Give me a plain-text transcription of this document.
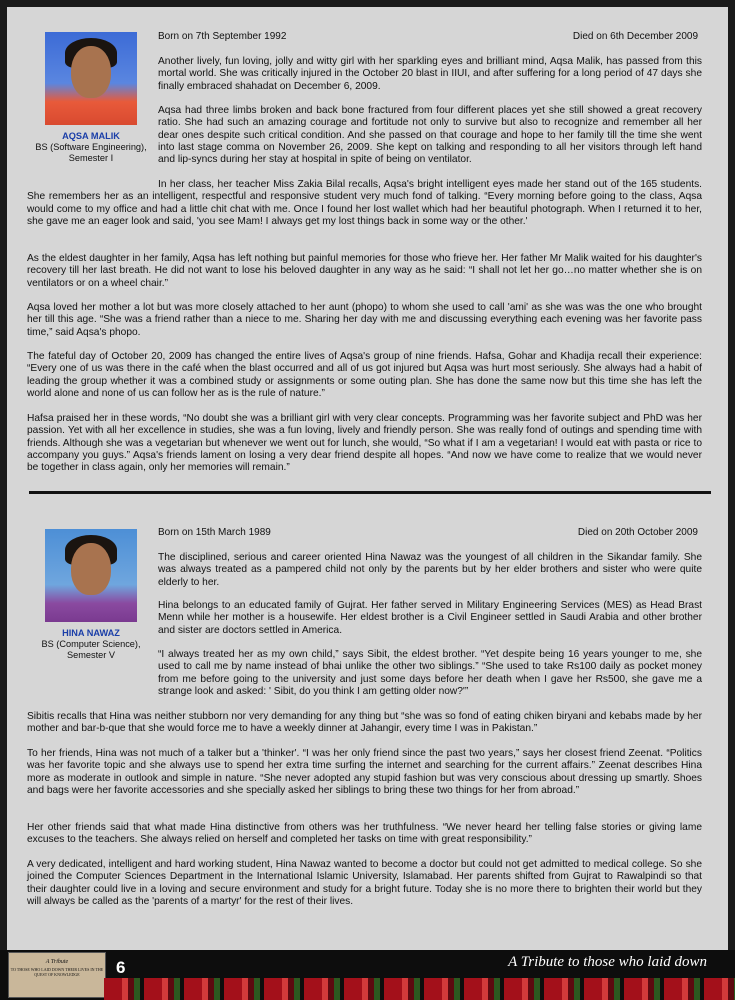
AQSA MALIK
BS (Software Engineering),
Semester I
Born on 7th September 1992	Died on 6th December 2009

Another lively, fun loving, jolly and witty girl with her sparkling eyes and brilliant mind, Aqsa Malik, has passed from this mortal world. She was critically injured in the October 20 blast in IIUI, and after suffering for a long period of 47 days she finally embraced shahadat on December 6, 2009.

Aqsa had three limbs broken and back bone fractured from four different places yet she still showed a great recovery ratio. She had such an amazing courage and fortitude not only to survive but also to recognize and remember all her dear ones despite such critical condition. And she passed on that courage and hope to her family till the time she went into last stage comma on November 26, 2009. She kept on talking and responding to all her visitors through left hand and lip-syncs during her stay at hospital in spite of being on ventilator.

In her class, her teacher Miss Zakia Bilal recalls, Aqsa's bright intelligent eyes made her stand out of the 165 students. She remembers her as an intelligent, respectful and responsive student very much fond of talking. “Every morning before going to the class, Aqsa would come to my office and had a little chit chat with me. Once I found her lost wallet which had her beautiful photograph. When I returned it to her, she gave me an eager look and said, 'you see Mam! I always get my lost things back in some way or the other.'

As the eldest daughter in her family, Aqsa has left nothing but painful memories for those who frieve her. Her father Mr Malik waited for his daughter's recovery till her last breath. He did not want to lose his beloved daughter in any way as he said: “I shall not let her go…no matter whether she is on ventilators or on a wheel chair.”

Aqsa loved her mother a lot but was more closely attached to her aunt (phopo) to whom she used to call 'ami' as she was was the one who brought her till this age. “She was a friend rather than a niece to me. Sharing her day with me and discussing everything each evening was her favorite pass time,” said Aqsa's phopo.

The fateful day of October 20, 2009 has changed the entire lives of Aqsa's group of nine friends. Hafsa, Gohar and Khadija recall their experience: “Every one of us was there in the café when the blast occurred and all of us got injured but Aqsa was hurt most seriously. She always had a habit of leading the group whether it was a combined study or assignments or some outing plan. She has done the same now but this time she has left the world alone and none of us can follow her as is the rule of nature.”

Hafsa praised her in these words, “No doubt she was a brilliant girl with very clear concepts. Programming was her favorite subject and PhD was her passion. Yet with all her excellence in studies, she was a fun loving, lively and friendly person. She was really fond of outings and spending time with friends. Although she was a vegetarian but whenever we went out for lunch, she would, “So what if I am a vegetarian! I would eat with pasta or rice to accompany you guys.” Aqsa's friends lament on losing a very dear friend despite all hopes. “And now we have come to realize that we would never be together in class again, only her memories will remain.”

HINA NAWAZ
BS (Computer Science),
Semester V
Born on 15th March 1989	Died on 20th October 2009

The disciplined, serious and career oriented Hina Nawaz was the youngest of all children in the Sikandar family. She was always treated as a pampered child not only by the parents but by her elder brothers and sister who were quite elderly to her.

Hina belongs to an educated family of Gujrat. Her father served in Military Engineering Services (MES) as Head Brast Menn while her mother is a housewife. Her eldest brother is a Civil Engineer settled in Saudi Arabia and other brother and sister are doctors settled in America.

“I always treated her as my own child,” says Sibit, the eldest brother. “Yet despite being 16 years younger to me, she used to call me by name instead of bhai unlike the other two siblings.” “She used to take Rs100 daily as pocket money from me before going to the university and just some days before her death when I gave her Rs500, she gave me a strange look and asked: ' Sibit, do you think I am getting older now?'”

Sibitis recalls that Hina was neither stubborn nor very demanding for any thing but “she was so fond of eating chiken biryani and kebabs made by her mother and bar-b-que that she would force me to have a weekly dinner at Jahangir, every time I was in Pakistan.”

To her friends, Hina was not much of a talker but a 'thinker'. “I was her only friend since the past two years,” says her closest friend Zeenat. “Politics was her favorite topic and she always use to spend her extra time surfing the internet and searching for the current affairs.” Zeenat describes Hina more as moderate in outlook and simple in nature. “She never adopted any stupid fashion but was very conscious about dressing up smartly. Shoes and bags were her favorite accessories and she specially asked her siblings to bring these two things for her from abroad.”

Her other friends said that what made Hina distinctive from others was her truthfulness. “We never heard her telling false stories or giving lame excuses to the teachers. She always relied on herself and completed her tasks on time with great responsibility.”

A very dedicated, intelligent and hard working student, Hina Nawaz wanted to become a doctor but could not get admitted to medical college. So she joined the Computer Sciences Department in the International Islamic University, Islamabad. Her parents shifted from Gujrat to Rawalpindi so that their daughter could live in a loving and secure environment and study for a bright future. Today she is no more there to brighten their world but they will always be called as the 'parents of a martyr' for the rest of their lives.

A Tribute
TO THOSE WHO LAID DOWN THEIR LIVES IN THE QUEST OF KNOWLEDGE	6	A Tribute to those who laid down
